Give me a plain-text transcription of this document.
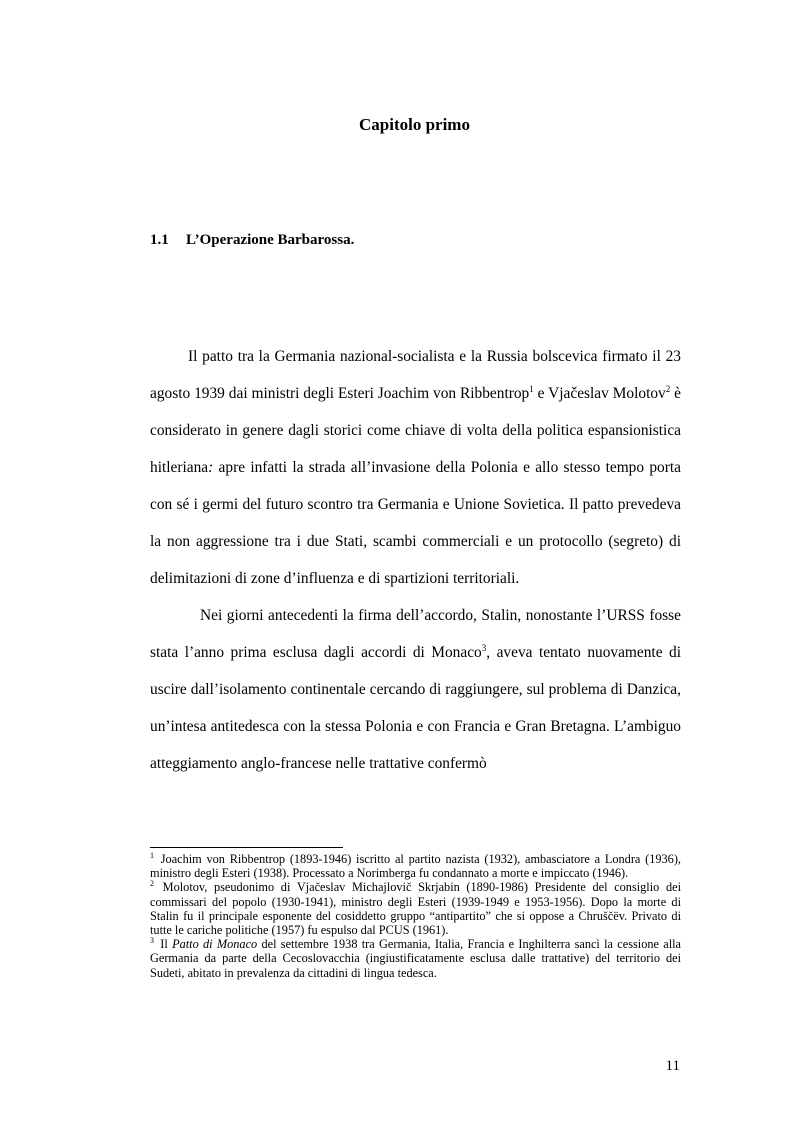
Capitolo primo
1.1 L’Operazione Barbarossa.

Il patto tra la Germania nazional-socialista e la Russia bolscevica firmato il 23 agosto 1939 dai ministri degli Esteri Joachim von Ribbentrop$^1$ e Vjačeslav Molotov$^2$ è considerato in genere dagli storici come chiave di volta della politica espansionistica hitleriana: apre infatti la strada all’invasione della Polonia e allo stesso tempo porta con sé i germi del futuro scontro tra Germania e Unione Sovietica. Il patto prevedeva la non aggressione tra i due Stati, scambi commerciali e un protocollo (segreto) di delimitazioni di zone d’influenza e di spartizioni territoriali.

Nei giorni antecedenti la firma dell’accordo, Stalin, nonostante l’URSS fosse stata l’anno prima esclusa dagli accordi di Monaco$^3$, aveva tentato nuovamente di uscire dall’isolamento continentale cercando di raggiungere, sul problema di Danzica, un’intesa antitedesca con la stessa Polonia e con Francia e Gran Bretagna. L’ambiguo atteggiamento anglo-francese nelle trattative confermò

$^1$ Joachim von Ribbentrop (1893-1946) iscritto al partito nazista (1932), ambasciatore a Londra (1936), ministro degli Esteri (1938). Processato a Norimberga fu condannato a morte e impiccato (1946).

$^2$ Molotov, pseudonimo di Vjačeslav Michajlovič Skrjabin (1890-1986) Presidente del consiglio dei commissari del popolo (1930-1941), ministro degli Esteri (1939-1949 e 1953-1956). Dopo la morte di Stalin fu il principale esponente del cosiddetto gruppo “antipartito” che si oppose a Chruščëv. Privato di tutte le cariche politiche (1957) fu espulso dal PCUS (1961).

$^3$ Il Patto di Monaco del settembre 1938 tra Germania, Italia, Francia e Inghilterra sancì la cessione alla Germania da parte della Cecoslovacchia (ingiustificatamente esclusa dalle trattative) del territorio dei Sudeti, abitato in prevalenza da cittadini di lingua tedesca.

11
